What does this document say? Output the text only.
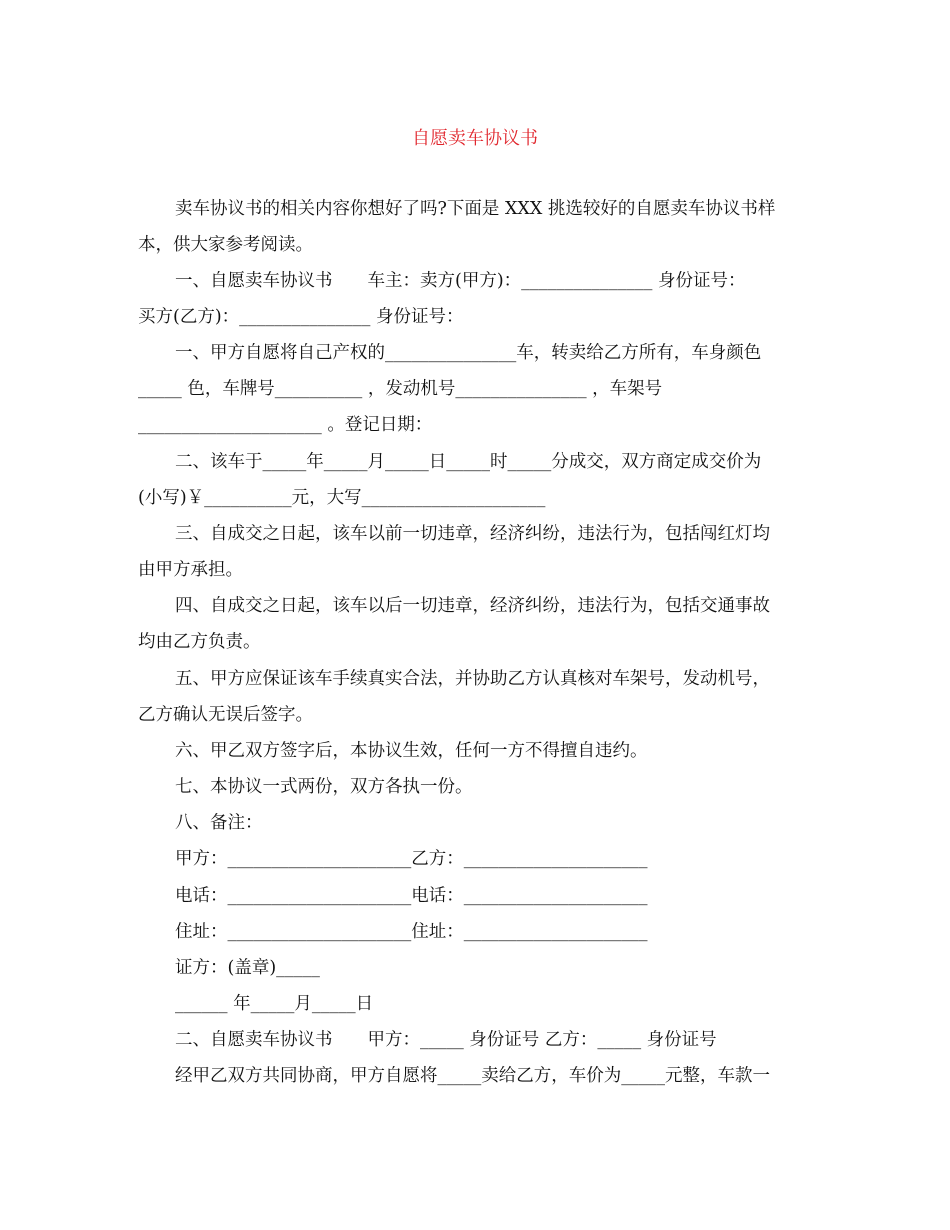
自愿卖车协议书
卖车协议书的相关内容你想好了吗?下面是 XXX 挑选较好的自愿卖车协议书样
本，供大家参考阅读。
一、自愿卖车协议书　　车主：卖方(甲方)：_______________ 身份证号：
买方(乙方)：_______________ 身份证号：
一、甲方自愿将自己产权的_______________车，转卖给乙方所有，车身颜色
_____ 色，车牌号__________ ，发动机号_______________ ，车架号
_____________________ 。登记日期：
二、该车于_____年_____月_____日_____时_____分成交，双方商定成交价为
(小写)￥__________元，大写_____________________
三、自成交之日起，该车以前一切违章，经济纠纷，违法行为，包括闯红灯均
由甲方承担。
四、自成交之日起，该车以后一切违章，经济纠纷，违法行为，包括交通事故
均由乙方负责。
五、甲方应保证该车手续真实合法，并协助乙方认真核对车架号，发动机号，
乙方确认无误后签字。
六、甲乙双方签字后，本协议生效，任何一方不得擅自违约。
七、本协议一式两份，双方各执一份。
八、备注：
甲方：_____________________乙方：_____________________
电话：_____________________电话：_____________________
住址：_____________________住址：_____________________
证方：(盖章)_____
______ 年_____月_____日
二、自愿卖车协议书　　甲方：_____ 身份证号 乙方：_____ 身份证号
经甲乙双方共同协商，甲方自愿将_____卖给乙方，车价为_____元整，车款一
